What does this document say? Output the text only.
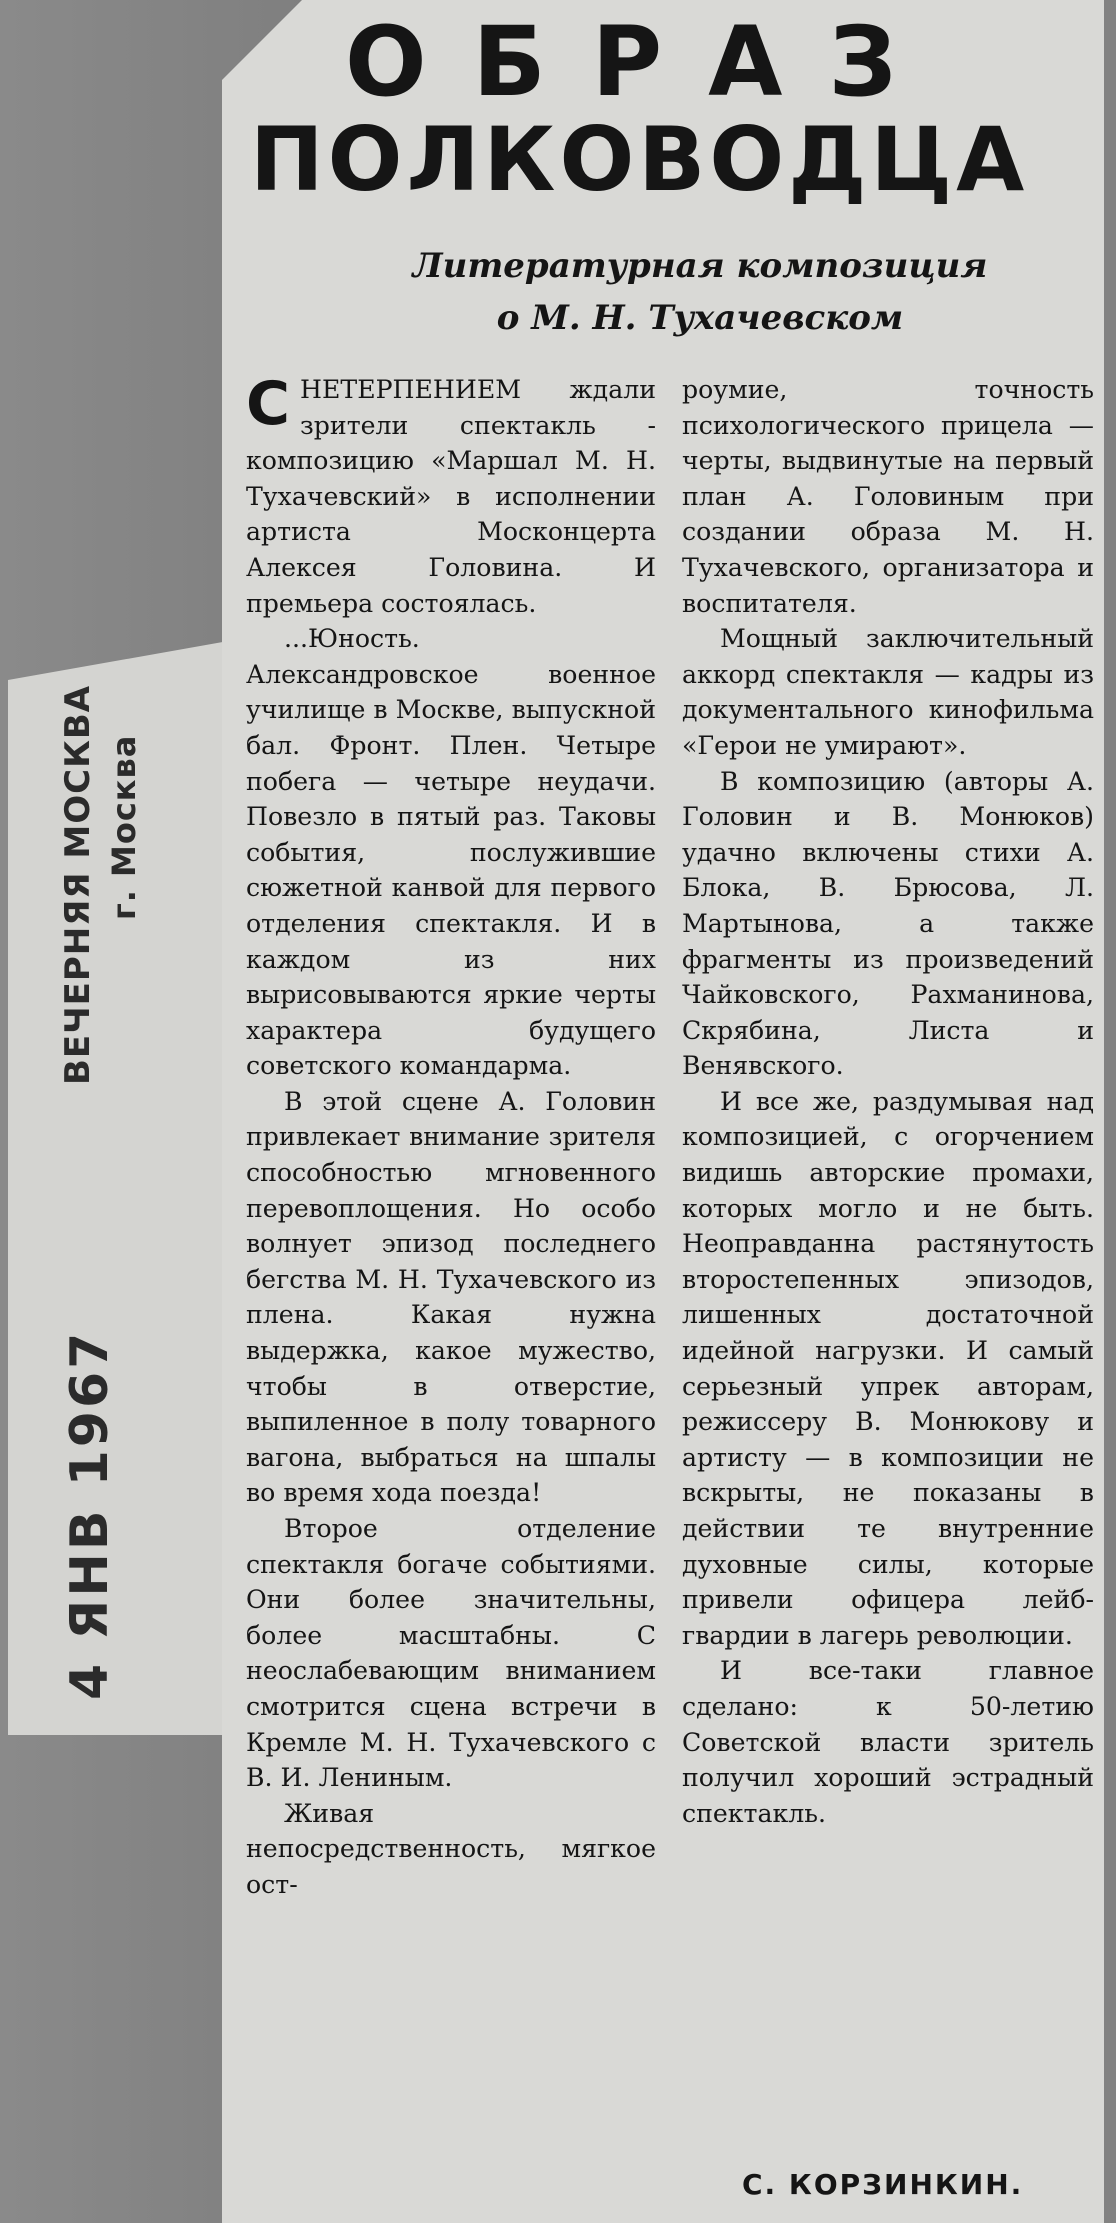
ВЕЧЕРНЯЯ МОСКВА г. Москва
4 ЯНВ 1967
ОБРАЗ
ПОЛКОВОДЦА
Литературная композиция
о М. Н. Тухачевском

СНЕТЕРПЕНИЕМ ждали зрители спектакль - композицию «Маршал М. Н. Тухачевский» в исполнении артиста Москонцерта Алексея Головина. И премьера состоялась.

...Юность. Александровское военное училище в Москве, выпускной бал. Фронт. Плен. Четыре побега — четыре неудачи. Повезло в пятый раз. Таковы события, послужившие сюжетной канвой для первого отделения спектакля. И в каждом из них вырисовываются яркие черты характера будущего советского командарма.

В этой сцене А. Головин привлекает внимание зрителя способностью мгновенного перевоплощения. Но особо волнует эпизод последнего бегства М. Н. Тухачевского из плена. Какая нужна выдержка, какое мужество, чтобы в отверстие, выпиленное в полу товарного вагона, выбраться на шпалы во время хода поезда!

Второе отделение спектакля богаче событиями. Они более значительны, более масштабны. С неослабевающим вниманием смотрится сцена встречи в Кремле М. Н. Тухачевского с В. И. Лениным.

Живая непосредственность, мягкое ост-

роумие, точность психологического прицела — черты, выдвинутые на первый план А. Головиным при создании образа М. Н. Тухачевского, организатора и воспитателя.

Мощный заключительный аккорд спектакля — кадры из документального кинофильма «Герои не умирают».

В композицию (авторы А. Головин и В. Монюков) удачно включены стихи А. Блока, В. Брюсова, Л. Мартынова, а также фрагменты из произведений Чайковского, Рахманинова, Скрябина, Листа и Венявского.

И все же, раздумывая над композицией, с огорчением видишь авторские промахи, которых могло и не быть. Неоправданна растянутость второстепенных эпизодов, лишенных достаточной идейной нагрузки. И самый серьезный упрек авторам, режиссеру В. Монюкову и артисту — в композиции не вскрыты, не показаны в действии те внутренние духовные силы, которые привели офицера лейб-гвардии в лагерь революции.

И все-таки главное сделано: к 50-летию Советской власти зритель получил хороший эстрадный спектакль.

С. КОРЗИНКИН.
